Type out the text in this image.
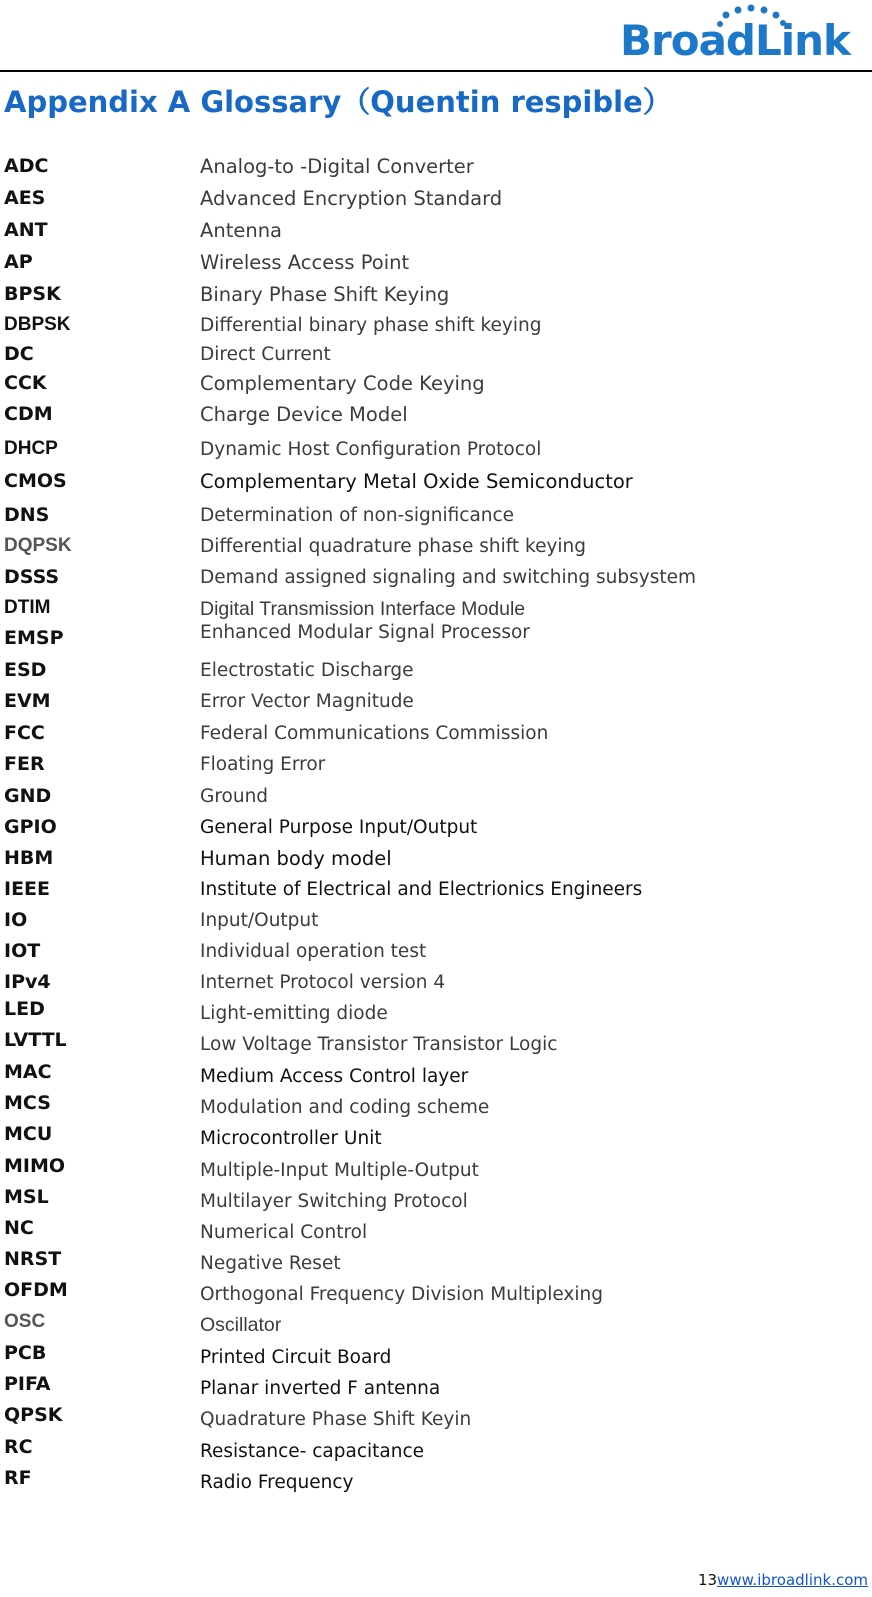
BroadLink
Appendix A Glossary（Quentin respible）
ADC	Analog-to -Digital Converter
AES	Advanced Encryption Standard
ANT	Antenna
AP	Wireless Access Point
BPSK	Binary Phase Shift Keying
DBPSK	Differential binary phase shift keying
DC	Direct Current
CCK	Complementary Code Keying
CDM	Charge Device Model
DHCP	Dynamic Host Configuration Protocol
CMOS	Complementary Metal Oxide Semiconductor
DNS	Determination of non-significance
DQPSK	Differential quadrature phase shift keying
DSSS	Demand assigned signaling and switching subsystem
DTIM	Digital Transmission Interface Module
EMSP	Enhanced Modular Signal Processor
ESD	Electrostatic Discharge
EVM	Error Vector Magnitude
FCC	Federal Communications Commission
FER	Floating Error
GND	Ground
GPIO	General Purpose Input/Output
HBM	Human body model
IEEE	Institute of Electrical and Electrionics Engineers
IO	Input/Output
IOT	Individual operation test
IPv4	Internet Protocol version 4
LED	Light-emitting diode
LVTTL	Low Voltage Transistor Transistor Logic
MAC	Medium Access Control layer
MCS	Modulation and coding scheme
MCU	Microcontroller Unit
MIMO	Multiple-Input Multiple-Output
MSL	Multilayer Switching Protocol
NC	Numerical Control
NRST	Negative Reset
OFDM	Orthogonal Frequency Division Multiplexing
OSC	Oscillator
PCB	Printed Circuit Board
PIFA	Planar inverted F antenna
QPSK	Quadrature Phase Shift Keyin
RC	Resistance- capacitance
RF	Radio Frequency
13www.ibroadlink.com
